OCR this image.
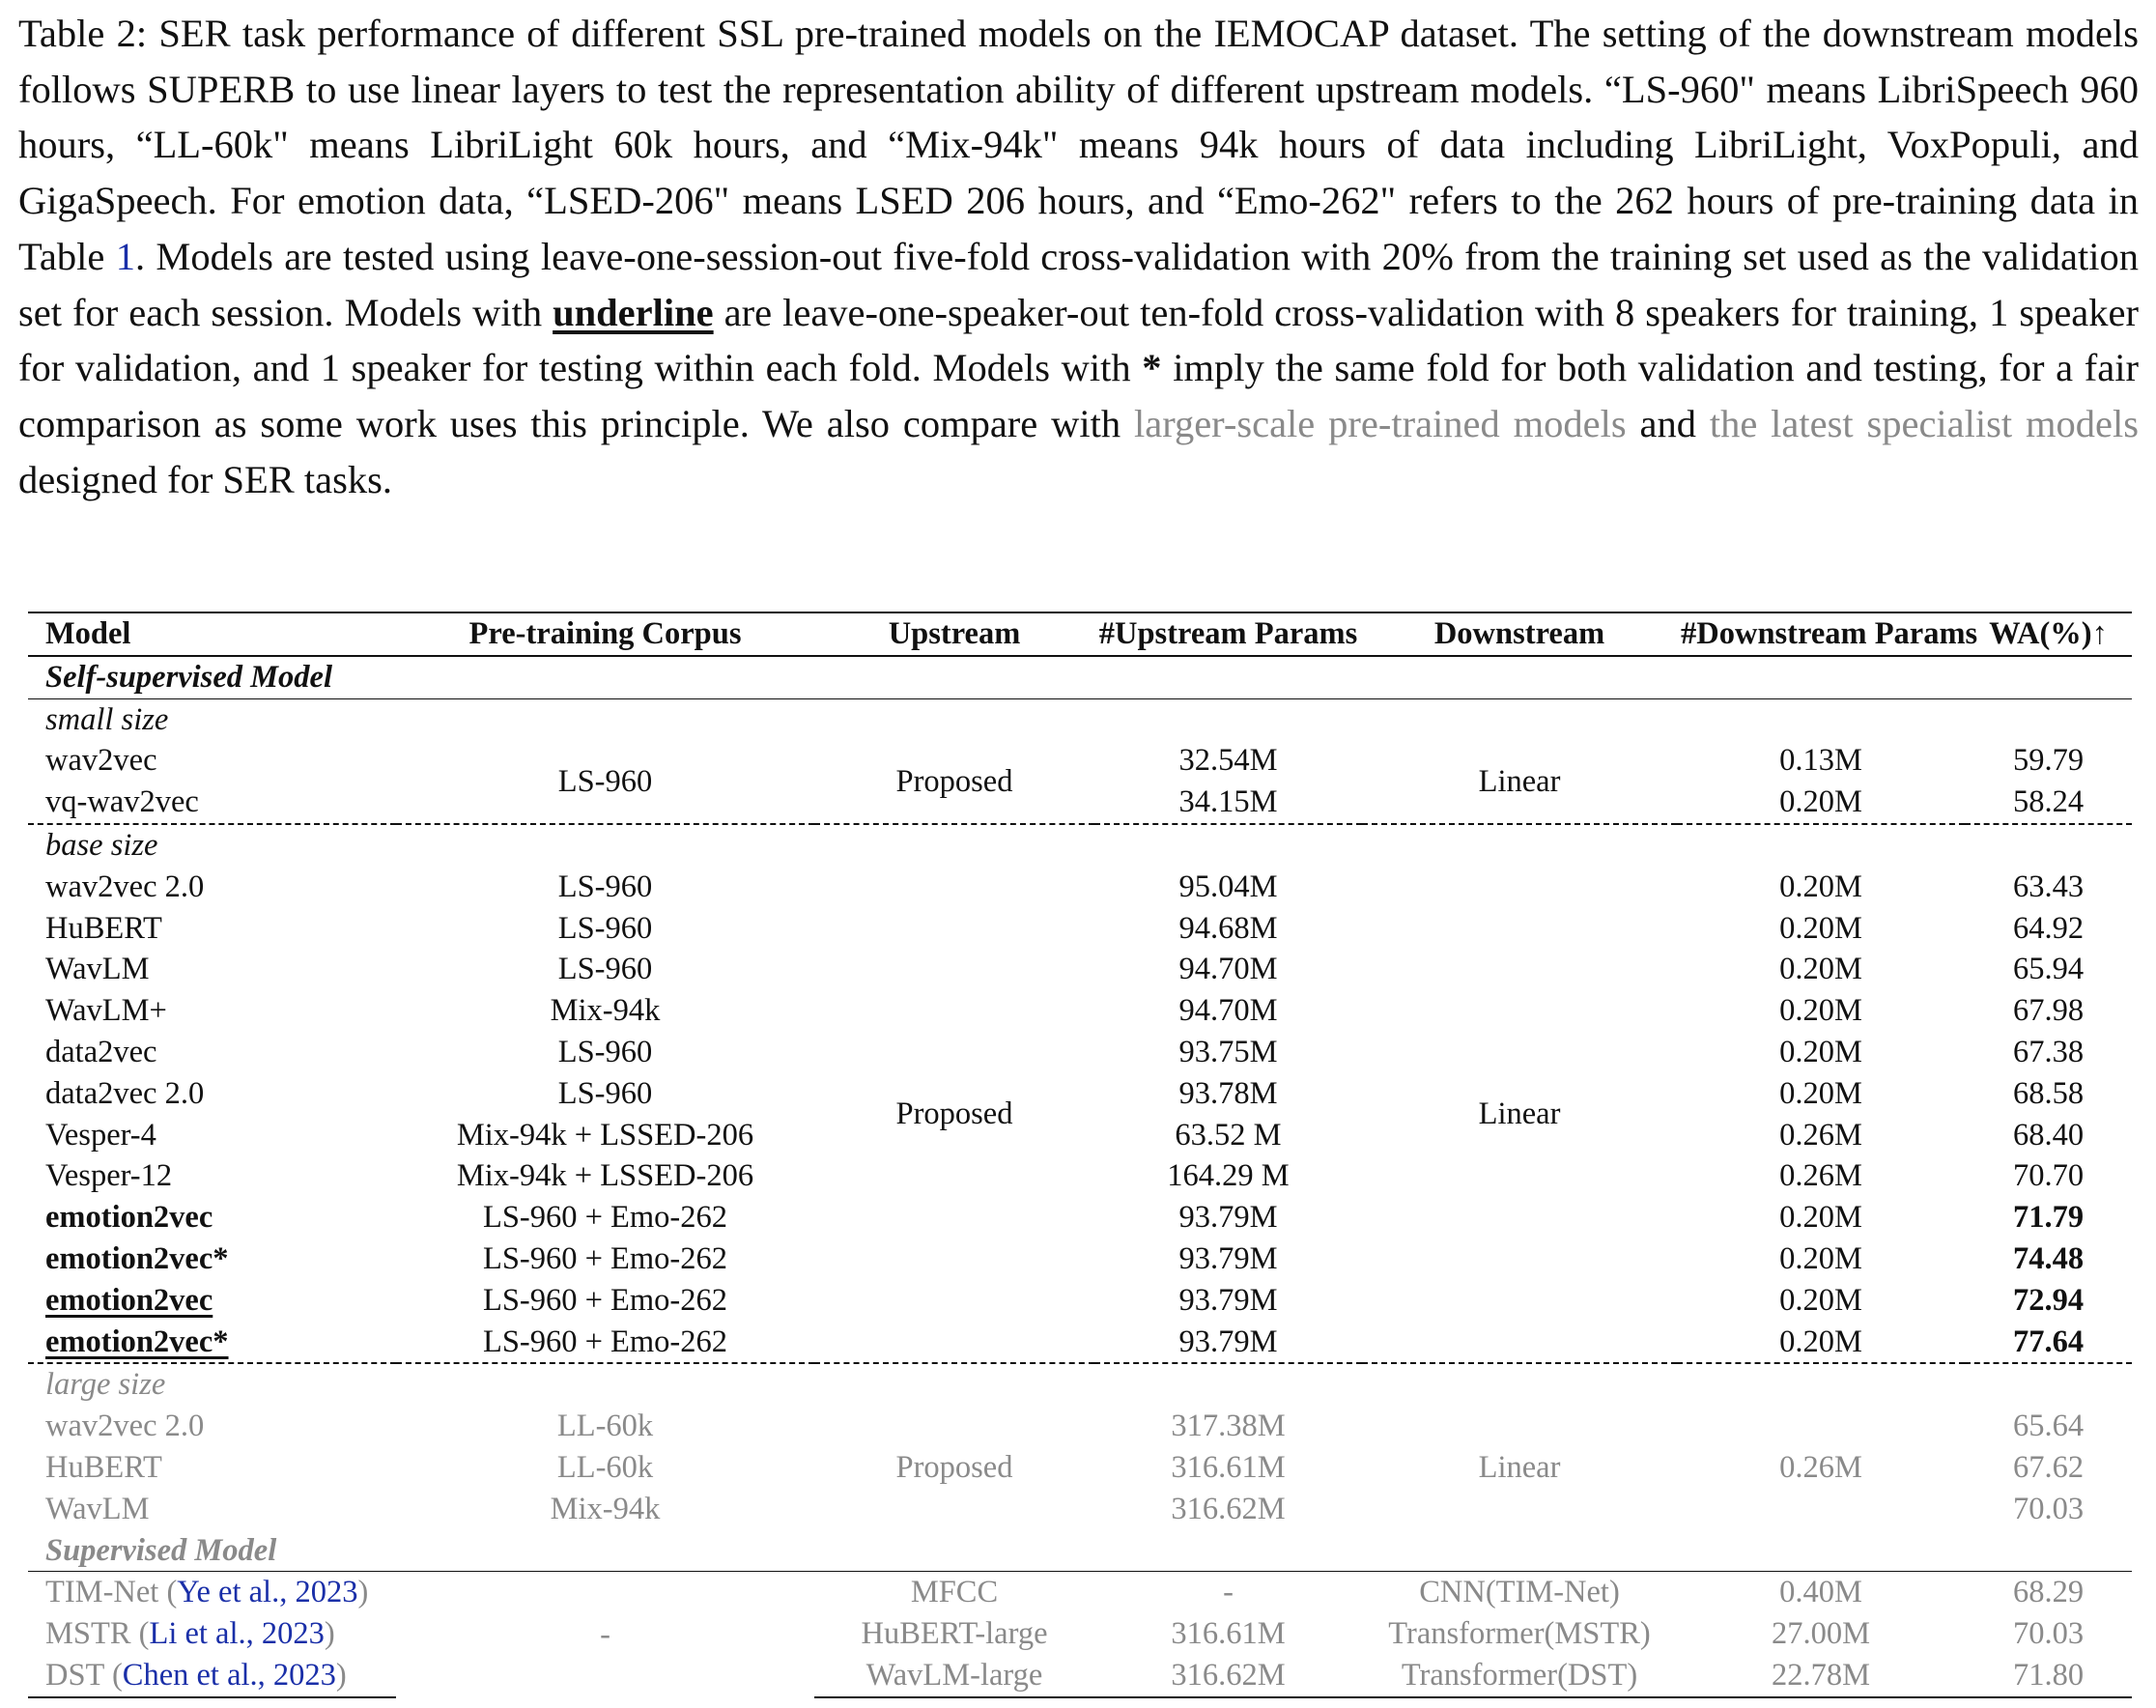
Table 2: SER task performance of different SSL pre-trained models on the IEMOCAP dataset. The setting of the downstream models follows SUPERB to use linear layers to test the representation ability of different upstream models. “LS-960" means LibriSpeech 960 hours, “LL-60k" means LibriLight 60k hours, and “Mix-94k" means 94k hours of data including LibriLight, VoxPopuli, and GigaSpeech. For emotion data, “LSED-206" means LSED 206 hours, and “Emo-262" refers to the 262 hours of pre-training data in Table 1. Models are tested using leave-one-session-out five-fold cross-validation with 20% from the training set used as the validation set for each session. Models with underline are leave-one-speaker-out ten-fold cross-validation with 8 speakers for training, 1 speaker for validation, and 1 speaker for testing within each fold. Models with * imply the same fold for both validation and testing, for a fair comparison as some work uses this principle. We also compare with larger-scale pre-trained models and the latest specialist models designed for SER tasks.

Model	Pre-training Corpus	Upstream	#Upstream Params	Downstream	#Downstream Params	WA(%)↑
Self-supervised Model						
small size						
wav2vec	LS-960	Proposed	32.54M	Linear	0.13M	59.79
vq-wav2vec			34.15M		0.20M	58.24
base size						
wav2vec 2.0	LS-960	Proposed	95.04M	Linear	0.20M	63.43
HuBERT	LS-960		94.68M		0.20M	64.92
WavLM	LS-960		94.70M		0.20M	65.94
WavLM+	Mix-94k		94.70M		0.20M	67.98
data2vec	LS-960		93.75M		0.20M	67.38
data2vec 2.0	LS-960		93.78M		0.20M	68.58
Vesper-4	Mix-94k + LSSED-206		63.52 M		0.26M	68.40
Vesper-12	Mix-94k + LSSED-206		164.29 M		0.26M	70.70
emotion2vec	LS-960 + Emo-262		93.79M		0.20M	71.79
emotion2vec*	LS-960 + Emo-262		93.79M		0.20M	74.48
emotion2vec	LS-960 + Emo-262		93.79M		0.20M	72.94
emotion2vec*	LS-960 + Emo-262		93.79M		0.20M	77.64
large size						
wav2vec 2.0	LL-60k	Proposed	317.38M	Linear	0.26M	65.64
HuBERT	LL-60k		316.61M			67.62
WavLM	Mix-94k		316.62M			70.03
Supervised Model						
TIM-Net (Ye et al., 2023)	-	MFCC	-	CNN(TIM-Net)	0.40M	68.29
MSTR (Li et al., 2023)		HuBERT-large	316.61M	Transformer(MSTR)	27.00M	70.03
DST (Chen et al., 2023)		WavLM-large	316.62M	Transformer(DST)	22.78M	71.80
